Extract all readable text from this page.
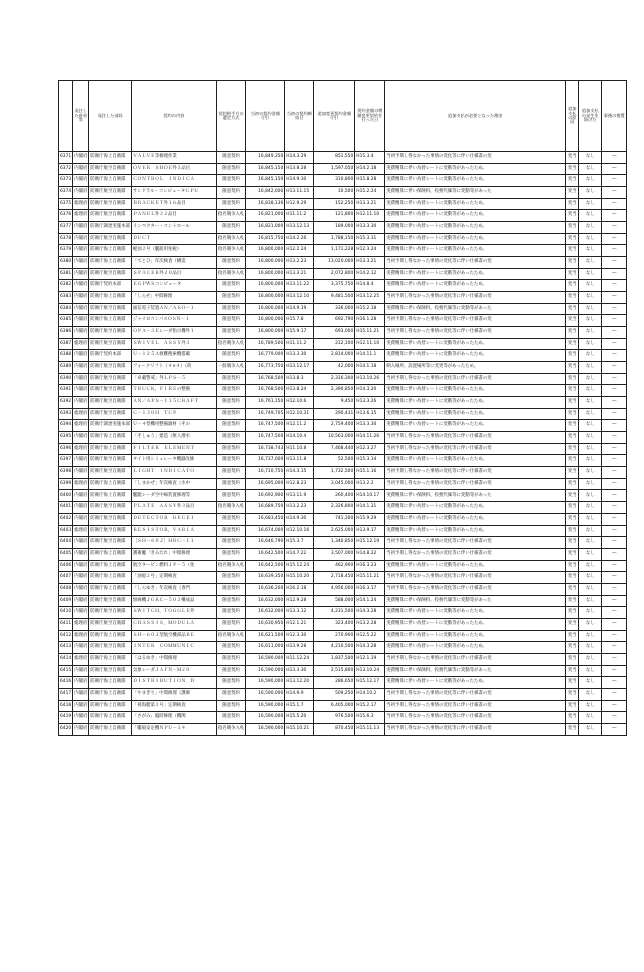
	発注した府省等	発注した部局	契約の内容	契約相手方の選定方式	当初の契約金額（円）	当初の契約締結日	追加変更契約金額（円）	契約金額の増額変更契約を行った日	追加支払が必要となった理由	追加支払の原因	追加支払の発生を防げた	事後の措置
6371	内閣府	防衛庁海上自衛隊	ＶＡＬＶＥ等修理作業	随意契約	16,849,350	H14.3.29	851,550	H15.3.4	当初予期し得なかった事情の変化等に伴い仕様書の変	変当	なし	―
6372	内閣府	防衛庁航空自衛隊	ＯＶＥＲ　ＳＨＯＥ外３品目	随意契約	16,845,150	H13.8.28	1,597,050	H14.2.18	実費精算に伴い為替レートに変動等があったため。	変当	なし	―
6373	内閣府	防衛庁海上自衛隊	ＣＯＮＴＲＯＬ　ＩＮＤＩＣＡ	随意契約	16,845,150	H14.9.30	310,800	H15.8.28	実費精算に伴い為替レートに変動等があったため。	変当	なし	―
6374	内閣府	防衛庁航空自衛隊	サンドラル・コンピュータＣＰＵ	随意契約	16,842,000	H13.11.15	10,500	H15.2.24	実費精算に伴い保険料、役務代価等に変動等があった	変当	なし	―
6375	総理府	防衛庁航空自衛隊	ＢＲＡＣＫＥＴ外１６品目	随意契約	16,838,136	H12.9.29	152,250	H13.3.21	実費精算に伴い為替レートに変動等があったため。	変当	なし	―
6376	総理府	防衛庁航空自衛隊	ＰＡＮＥＬ外２２品目	指名競争入札	16,821,000	H11.11.2	121,800	H12.11.10	実費精算に伴い為替レートに変動等があったため。	変当	なし	―
6377	内閣府	防衛庁調達実施本部	インペクター・コントロール	随意契約	16,821,000	H13.12.13	189,000	H13.3.30	実費精算に伴い為替レートに変動等があったため。	変当	なし	―
6378	内閣府	防衛庁航空自衛隊	ＤＵＣＴ	指名競争入札	16,815,750	H14.2.26	1,788,150	H15.3.31	実費精算に伴い為替レートに変動等があったため。	変当	なし	―
6379	内閣府	防衛庁海上自衛隊	軽油２号（艦船用免税）	指名競争入札	16,800,000	H12.2.24	1,171,228	H12.3.24	実費精算に伴い為替レートに変動等があったため。	変当	なし	―
6380	内閣府	防衛庁海上自衛隊	「てとひ」年次検査（構造	随意契約	16,800,000	H13.2.23	13,020,000	H13.3.21	当初予期し得なかった事情の変化等に伴い仕様書の変	変当	なし	―
6381	内閣府	防衛庁航空自衛隊	ＳＰＡＣＥＲ外２０品目	指名競争入札	16,800,000	H13.3.21	2,072,800	H14.2.12	実費精算に伴い為替レートに変動等があったため。	変当	なし	―
6382	内閣府	防衛庁契約本部	ＥＧＰＷＳコンピュータ	随意契約	16,800,000	H13.11.22	3,375,750	H14.8.4	実費精算に伴い為替レートに変動等があったため。	変当	なし	―
6383	内閣府	防衛庁海上自衛隊	「しらせ」中間修理	随意契約	16,800,000	H13.12.10	9,481,500	H13.12.25	当初予期し得なかった事情の変化等に伴い仕様書の変	変当	なし	―
6384	内閣府	防衛庁航空自衛隊	通信電子装置ＡＮ／ＡＳＯ－１	随意契約	16,800,000	H14.9.19	336,000	H15.2.18	実費精算に伴い保険料、役務代価等に変動等があった	変当	なし	―
6385	内閣府	防衛庁海上自衛隊	ジャイロコンパスＯＳＮ－１	随意契約	16,800,000	H15.7.8	692,790	H16.1.28	当初予期し得なかった事情の変化等に伴い仕様書の変	変当	なし	―
6386	内閣府	防衛庁航空自衛隊	ＯＰＡ－３Ｅレーダ指示機外１	随意契約	16,800,000	H15.9.17	693,000	H15.11.21	当初予期し得なかった事情の変化等に伴い仕様書の変	変当	なし	―
6387	総理府	防衛庁航空自衛隊	ＳＷＩＶＥＬ　ＡＳＳＹ外３	指名競争入札	16,789,500	H11.11.2	212,100	H12.11.10	実費精算に伴い為替レートに変動等があったため。	変当	なし	―
6388	内閣府	防衛庁契約本部	Ｕ－１２５Ａ救難捜索機搭載	随意契約	16,779,000	H13.3.30	2,814,000	H14.11.1	実費精算に伴い為替レートに変動等があったため。	変当	なし	―
6389	内閣府	防衛庁航空自衛隊	フォークリフト（４×４）（荷	一般競争入札	16,773,750	H13.12.17	42,000	H14.1.18	納入場所、設置場所等に変更等があったため。	変当	なし	―
6390	内閣府	防衛庁航空自衛隊	「卓載警戒」外ＬＰＳ－５	随意契約	16,768,500	H13.8.3	2,316,300	H13.10.26	当初予期し得なかった事情の変化等に伴い仕様書の変	変当	なし	―
6391	内閣府	防衛庁航空自衛隊	ＴＲＵＣＫ，ＦＩＲＥの整備	随意契約	16,768,500	H13.8.24	2,390,850	H14.3.20	実費精算に伴い為替レートに変動等があったため。	変当	なし	―
6392	内閣府	防衛庁航空自衛隊	ＡＮ／ＡＰＳ－１１５ＣＲＡＦＴ	随意契約	16,761,150	H12.10.6	9,450	H13.3.26	実費精算に伴い為替レートに変動等があったため。	変当	なし	―
6393	総理府	防衛庁航空自衛隊	Ｃ－１３０Ｈ　ＴＣＰ	随意契約	16,749,705	H12.10.31	290,431	H13.6.15	実費精算に伴い為替レートに変動等があったため。	変当	なし	―
6394	総理府	防衛庁調達実施本部	Ｕ－４型機用整備器材（その	随意契約	16,747,500	H12.11.2	2,759,400	H13.3.30	実費精算に伴い為替レートに変動等があったため。	変当	なし	―
6395	内閣府	防衛庁海上自衛隊	「そしゅう」建造（無人潜水	随意契約	16,747,500	H14.10.4	10,563,000	H14.11.26	当初予期し得なかった事情の変化等に伴い仕様書の変	変当	なし	―
6396	総理府	防衛庁海上自衛隊	ＦＩＬＴＥＲ　ＥＬＥＭＥＮＴ	随意契約	16,738,743	H11.10.8	7,468,440	H12.3.27	当初予期し得なかった事情の変化等に伴い仕様書の変	変当	なし	―
6397	内閣府	防衛庁航空自衛隊	タイト用シミュレータ機器改修	随意契約	16,737,000	H13.11.8	52,500	H15.3.14	実費精算に伴い為替レートに変動等があったため。	変当	なし	―
6398	内閣府	防衛庁航空自衛隊	ＬＩＧＨＴ　ＩＮＤＩＣＡＴＯ	随意契約	16,710,750	H14.3.15	1,732,500	H15.1.16	当初予期し得なかった事情の変化等に伴い仕様書の変	変当	なし	―
6399	総理府	防衛庁海上自衛隊	「しまかぜ」年次検査（水中	随意契約	16,695,000	H12.8.23	3,045,000	H13.2.2	当初予期し得なかった事情の変化等に伴い仕様書の変	変当	なし	―
6400	内閣府	防衛庁海上自衛隊	艦艇レーダ空中線装置修理等	随意契約	16,692,900	H13.11.9	260,400	H14.10.17	実費精算に伴い保険料、役務代価等に変動等があった	変当	なし	―
6401	内閣府	防衛庁航空自衛隊	ＰＬＡＴＥ　ＡＳＳＹ外３品目	指名競争入札	16,689,750	H13.2.23	2,326,800	H14.1.31	実費精算に伴い為替レートに変動等があったため。	変当	なし	―
6402	内閣府	防衛庁航空自衛隊	ＤＥＴＥＣＴＯＲ　ＲＥＣＥＩ	随意契約	16,683,450	H14.9.30	741,300	H15.9.29	実費精算に伴い為替レートに変動等があったため。	変当	なし	―
6403	総理府	防衛庁航空自衛隊	ＲＥＳＩＳＴＯＲ，ＶＡＲＩＡ	随意契約	16,674,000	H12.10.16	2,625,000	H13.9.17	実費精算に伴い為替レートに変動等があったため。	変当	なし	―
6404	内閣府	防衛庁航空自衛隊	［ＳＨ－６０Ｊ］ＨＲＣ－１１	随意契約	16,646,790	H15.3.7	1,340,850	H15.12.19	当初予期し得なかった事情の変化等に伴い仕様書の変	変当	なし	―
6405	内閣府	防衛庁海上自衛隊	護衛艦「きみだれ」中間修理	随意契約	16,642,500	H14.7.22	3,507,000	H14.8.22	当初予期し得なかった事情の変化等に伴い仕様書の変	変当	なし	―
6406	内閣府	防衛庁海上自衛隊	航空タービン燃料ＪＰ－５（免	指名競争入札	16,642,500	H15.12.24	462,900	H16.3.23	実費精算に伴い為替レートに変動等があったため。	変当	なし	―
6407	内閣府	防衛庁海上自衛隊	「油船２号」定期検査	随意契約	16,639,350	H15.10.20	2,718,450	H15.11.21	当初予期し得なかった事情の変化等に伴い仕様書の変	変当	なし	―
6408	内閣府	防衛庁海上自衛隊	「しらゆき」年次検査（専門	随意契約	16,636,200	H16.2.18	4,956,000	H16.3.17	当初予期し得なかった事情の変化等に伴い仕様書の変	変当	なし	―
6409	内閣府	防衛庁航空自衛隊	無線機ＪＧＲＣ－５０２構成品	随意契約	16,632,000	H12.9.28	588,000	H14.1.24	実費精算に伴い保険料、役務代価等に変動等があった	変当	なし	―
6410	内閣府	防衛庁航空自衛隊	ＳＷＩＴＣＨ，ＴＯＧＧＬＥ外	随意契約	16,632,000	H13.3.12	4,231,500	H14.3.28	実費精算に伴い為替レートに変動等があったため。	変当	なし	―
6411	総理府	防衛庁航空自衛隊	ＣＨＡＳＳＩＳ，ＭＯＤＵＬＡ	随意契約	16,630,950	H12.1.21	323,400	H13.2.28	実費精算に伴い為替レートに変動等があったため。	変当	なし	―
6412	総理府	防衛庁海上自衛隊	ＳＨ－６０Ｊ型航空機部品ＢＥ	指名競争入札	16,621,500	H12.3.30	270,900	H12.5.22	実費精算に伴い為替レートに変動等があったため。	変当	なし	―
6413	内閣府	防衛庁航空自衛隊	ＩＮＴＥＲ　ＣＯＭＭＵＮＩＣ	随意契約	16,611,000	H13.9.28	4,210,500	H14.3.28	実費精算に伴い為替レートに変動等があったため。	変当	なし	―
6414	総理府	防衛庁海上自衛隊	「はるゆき」中間修理	随意契約	16,590,000	H11.12.24	1,837,500	H12.1.19	当初予期し得なかった事情の変化等に伴い仕様書の変	変当	なし	―
6415	内閣府	防衛庁航空自衛隊	気象レーダＪＡＦＮ－Ｍ２０	随意契約	16,590,000	H13.3.30	2,515,800	H13.10.24	実費精算に伴い保険料、役務代価等に変動等があった	変当	なし	―
6416	内閣府	防衛庁海上自衛隊	ＤＩＳＴＲＩＢＵＴＩＯＮ　Ｂ	随意契約	16,590,000	H13.12.20	286,650	H15.12.17	実費精算に伴い為替レートに変動等があったため。	変当	なし	―
6417	内閣府	防衛庁海上自衛隊	「やまぎり」中間修理（護衛	随意契約	16,590,000	H14.9.9	509,250	H14.10.2	当初予期し得なかった事情の変化等に伴い仕様書の変	変当	なし	―
6418	内閣府	防衛庁海上自衛隊	「掃海艇第２号」定期検査	随意契約	16,590,000	H15.1.7	6,405,000	H15.2.17	当初予期し得なかった事情の変化等に伴い仕様書の変	変当	なし	―
6419	内閣府	防衛庁海上自衛隊	「さがみ」臨時修理（機関	随意契約	16,590,000	H15.5.20	976,500	H15.6.3	当初予期し得なかった事情の変化等に伴い仕様書の変	変当	なし	―
6420	内閣府	防衛庁海上自衛隊	「艦船安定機ＮＰＵ－１４	指名競争入札	16,590,000	H15.10.21	870,450	H15.11.13	当初予期し得なかった事情の変化等に伴い仕様書の変	変当	なし	―
